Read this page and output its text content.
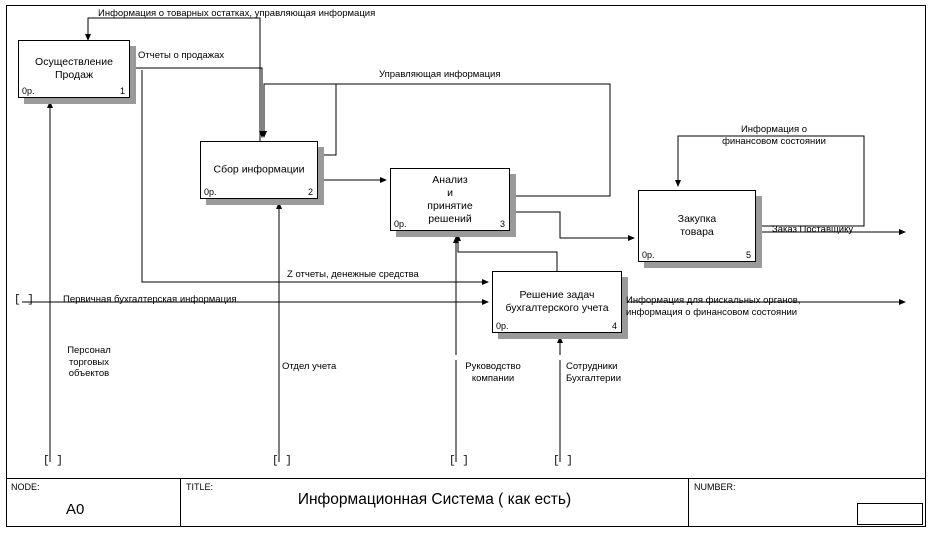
Осуществление
Продаж
0р.	1
Сбор информации
0р.	2
Анализ
и
принятие
решений
0р.	3	Закупка
товара
0р.	5
Решение задач
бухгалтерского учета
0р.	4
Информация о товарных остатках, управляющая информация
Отчеты о продажах
Управляющая информация
Информация о
финансовом состоянии
Z отчеты, денежные средства
Первичная бухгалтерская информация
Заказ Поставщику
Информация для фискальных органов,
информация о финансовом состоянии
Персонал
торговых
объектов
Отдел учета	Руководство
компании
Сотрудники
Бухгалтерии
[ ]
[ ]	[ ]	[ ]	[ ]
NODE:
A0
TITLE:
Информационная Система ( как есть)
NUMBER:
